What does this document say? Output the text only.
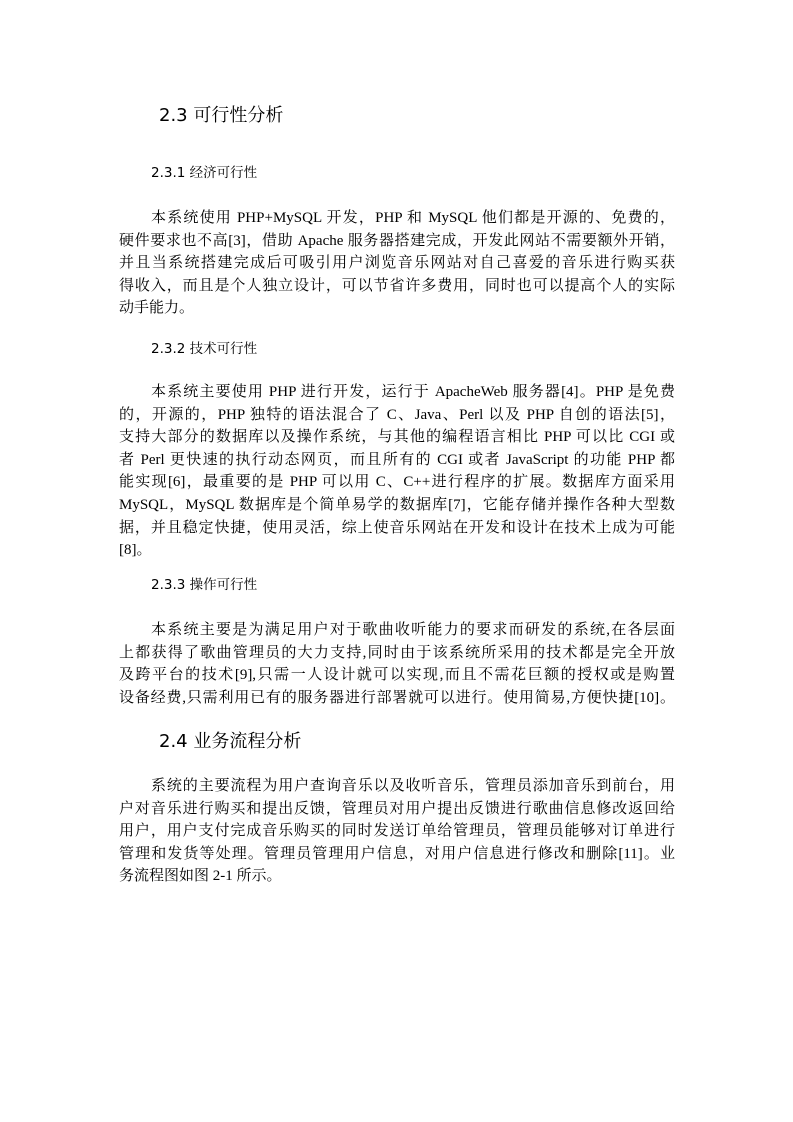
2.3 可行性分析
2.3.1 经济可行性
本系统使用 PHP+MySQL 开发，PHP 和 MySQL 他们都是开源的、免费的，
硬件要求也不高[3]，借助 Apache 服务器搭建完成，开发此网站不需要额外开销，
并且当系统搭建完成后可吸引用户浏览音乐网站对自己喜爱的音乐进行购买获
得收入，而且是个人独立设计，可以节省许多费用，同时也可以提高个人的实际
动手能力。
2.3.2 技术可行性
本系统主要使用 PHP 进行开发，运行于 ApacheWeb 服务器[4]。PHP 是免费
的，开源的，PHP 独特的语法混合了 C、Java、Perl 以及 PHP 自创的语法[5]，
支持大部分的数据库以及操作系统，与其他的编程语言相比 PHP 可以比 CGI 或
者 Perl 更快速的执行动态网页，而且所有的 CGI 或者 JavaScript 的功能 PHP 都
能实现[6]，最重要的是 PHP 可以用 C、C++进行程序的扩展。数据库方面采用
MySQL，MySQL 数据库是个简单易学的数据库[7]，它能存储并操作各种大型数
据，并且稳定快捷，使用灵活，综上使音乐网站在开发和设计在技术上成为可能
[8]。
2.3.3 操作可行性
本系统主要是为满足用户对于歌曲收听能力的要求而研发的系统,在各层面
上都获得了歌曲管理员的大力支持,同时由于该系统所采用的技术都是完全开放
及跨平台的技术[9],只需一人设计就可以实现,而且不需花巨额的授权或是购置
设备经费,只需利用已有的服务器进行部署就可以进行。使用简易,方便快捷[10]。
2.4 业务流程分析
系统的主要流程为用户查询音乐以及收听音乐，管理员添加音乐到前台，用
户对音乐进行购买和提出反馈，管理员对用户提出反馈进行歌曲信息修改返回给
用户，用户支付完成音乐购买的同时发送订单给管理员，管理员能够对订单进行
管理和发货等处理。管理员管理用户信息，对用户信息进行修改和删除[11]。业
务流程图如图 2-1 所示。
